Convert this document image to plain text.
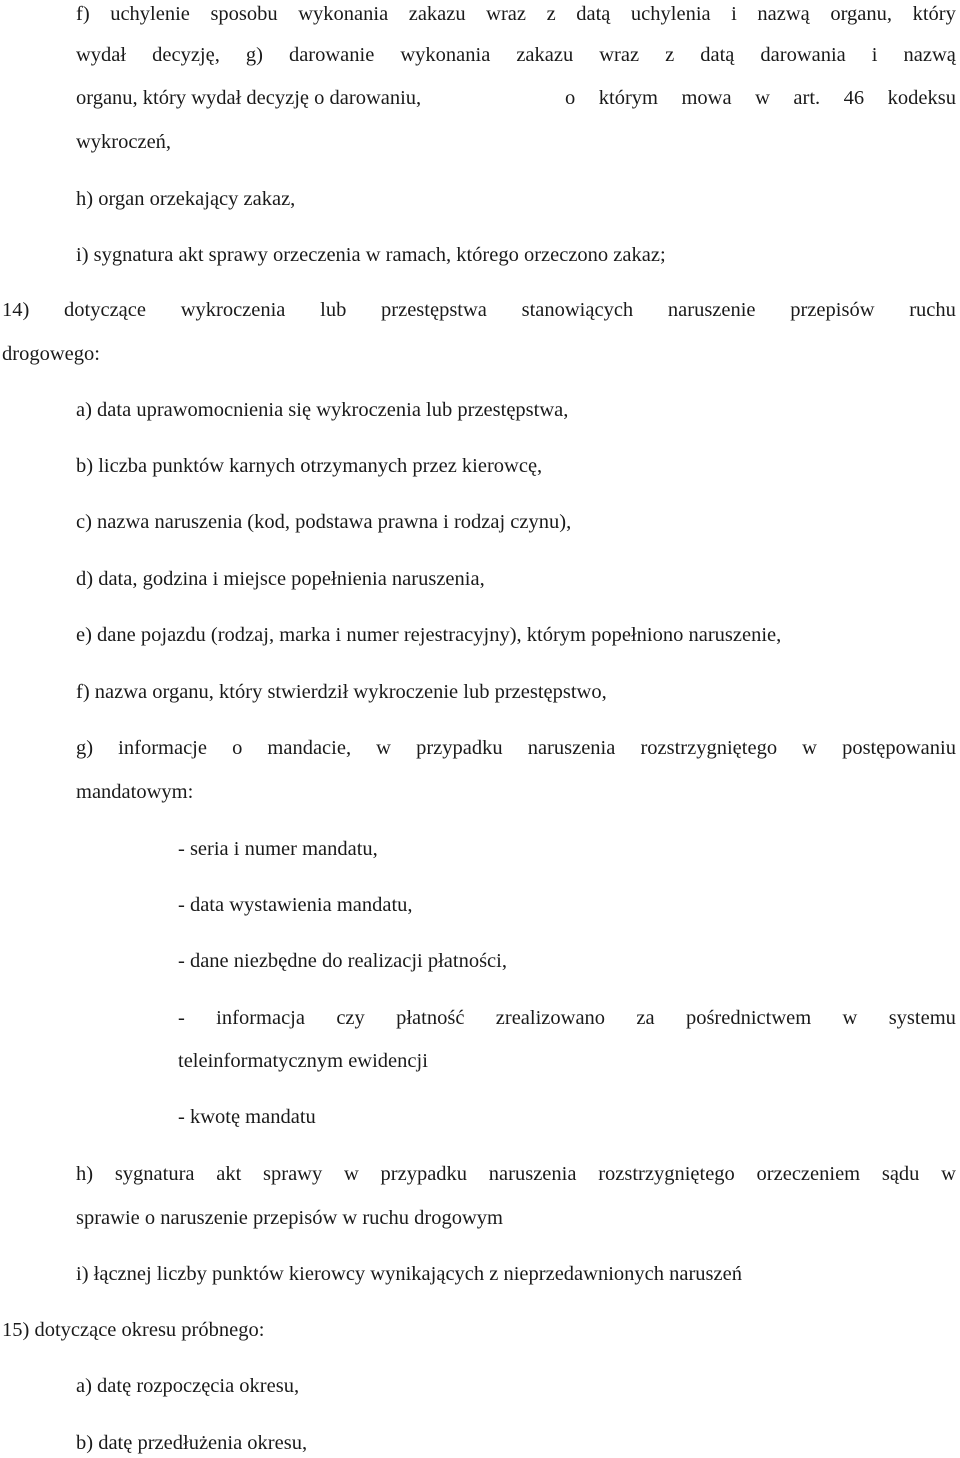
f) uchylenie sposobu wykonania zakazu wraz z datą uchylenia i nazwą organu, który
wydał decyzję, g) darowanie wykonania zakazu wraz z datą darowania i nazwą
organu, który wydał decyzję o darowaniu,	o którym mowa w art. 46 kodeksu
wykroczeń,
h) organ orzekający zakaz,
i) sygnatura akt sprawy orzeczenia w ramach, którego orzeczono zakaz;
14) dotyczące wykroczenia lub przestępstwa stanowiących naruszenie przepisów ruchu
drogowego:
a) data uprawomocnienia się wykroczenia lub przestępstwa,
b) liczba punktów karnych otrzymanych przez kierowcę,
c) nazwa naruszenia (kod, podstawa prawna i rodzaj czynu),
d) data, godzina i miejsce popełnienia naruszenia,
e) dane pojazdu (rodzaj, marka i numer rejestracyjny), którym popełniono naruszenie,
f) nazwa organu, który stwierdził wykroczenie lub przestępstwo,
g) informacje o mandacie, w przypadku naruszenia rozstrzygniętego w postępowaniu
mandatowym:
- seria i numer mandatu,
- data wystawienia mandatu,
- dane niezbędne do realizacji płatności,
- informacja czy płatność zrealizowano za pośrednictwem w systemu
teleinformatycznym ewidencji
- kwotę mandatu
h) sygnatura akt sprawy w przypadku naruszenia rozstrzygniętego orzeczeniem sądu w
sprawie o naruszenie przepisów w ruchu drogowym
i) łącznej liczby punktów kierowcy wynikających z nieprzedawnionych naruszeń
15) dotyczące okresu próbnego:
a) datę rozpoczęcia okresu,
b) datę przedłużenia okresu,
